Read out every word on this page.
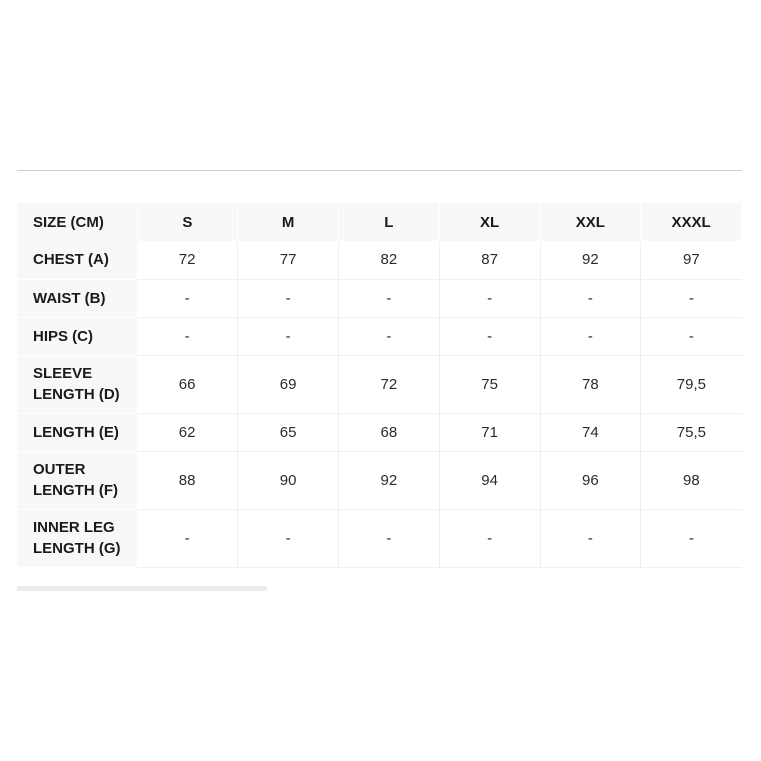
SIZE (CM)	S	M	L	XL	XXL	XXXL
CHEST (A)	72	77	82	87	92	97
WAIST (B)	-	-	-	-	-	-
HIPS (C)	-	-	-	-	-	-
SLEEVE
LENGTH (D)	66	69	72	75	78	79,5
LENGTH (E)	62	65	68	71	74	75,5
OUTER
LENGTH (F)	88	90	92	94	96	98
INNER LEG
LENGTH (G)	-	-	-	-	-	-
